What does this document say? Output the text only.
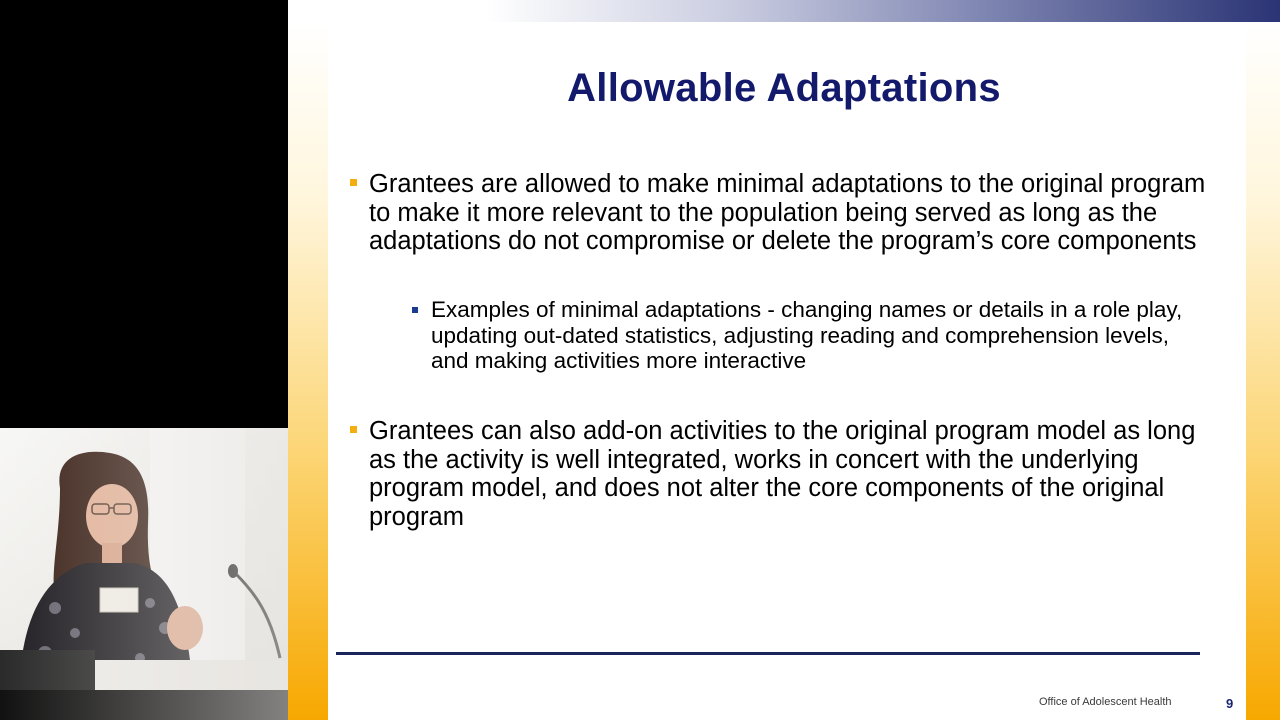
Allowable Adaptations
Grantees are allowed to make minimal adaptations to the original program to make it more relevant to the population being served as long as the adaptations do not compromise or delete the program’s core components
Examples of minimal adaptations - changing names or details in a role play, updating out-dated statistics, adjusting reading and comprehension levels, and making activities more interactive
Grantees can also add-on activities to the original program model as long as the activity is well integrated, works in concert with the underlying program model, and does not alter the core components of the original program
Office of Adolescent Health	9
